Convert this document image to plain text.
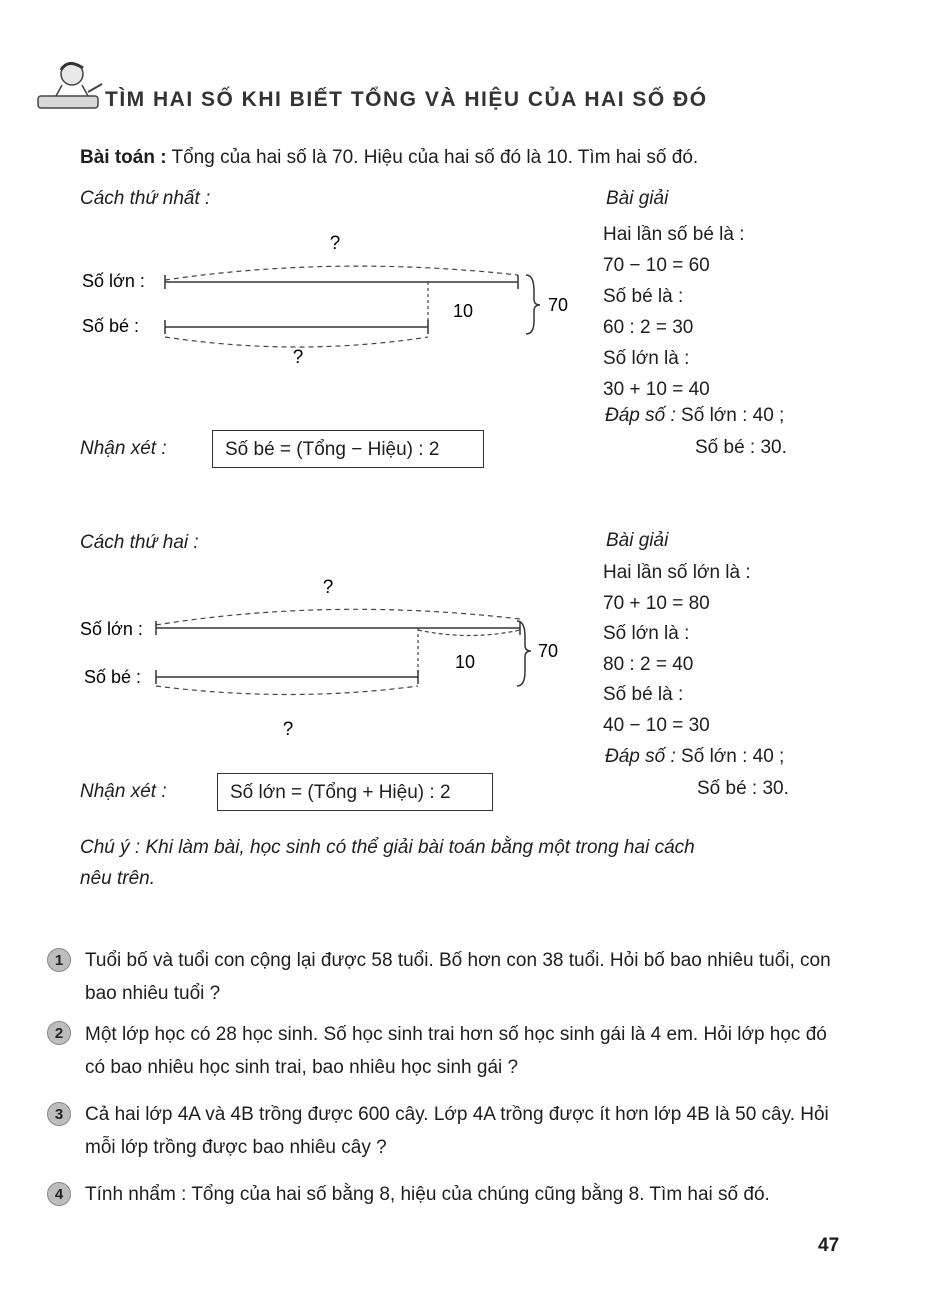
TÌM HAI SỐ KHI BIẾT TỔNG VÀ HIỆU CỦA HAI SỐ ĐÓ
Bài toán : Tổng của hai số là 70. Hiệu của hai số đó là 10. Tìm hai số đó.
Cách thứ nhất :
?
Số lớn :
10
Số bé :
70
?
Bài giải
Hai lần số bé là :
70 − 10 = 60
Số bé là :
60 : 2 = 30
Số lớn là :
30 + 10 = 40
Đáp số : Số lớn : 40 ;
Số bé : 30.
Nhận xét :	Số bé = (Tổng − Hiệu) : 2
Cách thứ hai :
?
Số lớn :
10
Số bé :
70
?
Bài giải
Hai lần số lớn là :
70 + 10 = 80
Số lớn là :
80 : 2 = 40
Số bé là :
40 − 10 = 30
Đáp số : Số lớn : 40 ;
Số bé : 30.
Nhận xét :	Số lớn = (Tổng + Hiệu) : 2
Chú ý : Khi làm bài, học sinh có thể giải bài toán bằng một trong hai cách
nêu trên.
1	Tuổi bố và tuổi con cộng lại được 58 tuổi. Bố hơn con 38 tuổi. Hỏi bố bao nhiêu tuổi, con bao nhiêu tuổi ?
2	Một lớp học có 28 học sinh. Số học sinh trai hơn số học sinh gái là 4 em. Hỏi lớp học đó có bao nhiêu học sinh trai, bao nhiêu học sinh gái ?
3	Cả hai lớp 4A và 4B trồng được 600 cây. Lớp 4A trồng được ít hơn lớp 4B là 50 cây. Hỏi mỗi lớp trồng được bao nhiêu cây ?
4	Tính nhẩm : Tổng của hai số bằng 8, hiệu của chúng cũng bằng 8. Tìm hai số đó.
47
